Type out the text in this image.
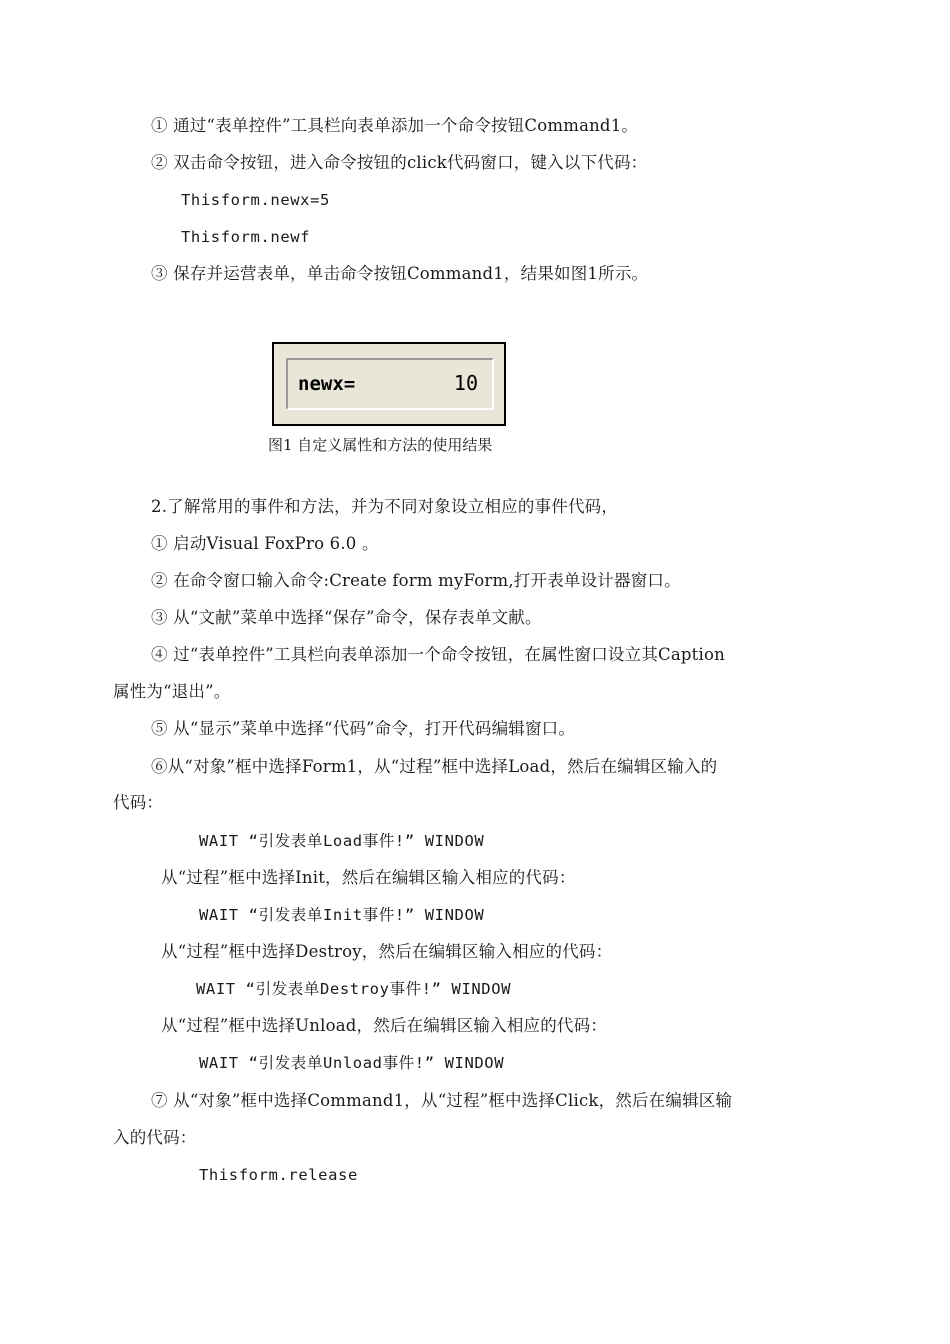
① 通过“表单控件”工具栏向表单添加一个命令按钮Command1。
② 双击命令按钮，进入命令按钮的click代码窗口，键入以下代码：
Thisform.newx=5
Thisform.newf
③ 保存并运营表单，单击命令按钮Command1，结果如图1所示。
newx=	10
图1 自定义属性和方法的使用结果
2.了解常用的事件和方法，并为不同对象设立相应的事件代码，
① 启动Visual FoxPro 6.0 。
② 在命令窗口输入命令:Create form myForm,打开表单设计器窗口。
③ 从“文献”菜单中选择“保存”命令，保存表单文献。
④ 过“表单控件”工具栏向表单添加一个命令按钮，在属性窗口设立其Caption
属性为“退出”。
⑤ 从“显示”菜单中选择“代码”命令，打开代码编辑窗口。
⑥从“对象”框中选择Form1，从“过程”框中选择Load，然后在编辑区输入的
代码：
WAIT “引发表单Load事件!” WINDOW
从“过程”框中选择Init，然后在编辑区输入相应的代码：
WAIT “引发表单Init事件!” WINDOW
从“过程”框中选择Destroy，然后在编辑区输入相应的代码：
WAIT “引发表单Destroy事件!” WINDOW
从“过程”框中选择Unload，然后在编辑区输入相应的代码：
WAIT “引发表单Unload事件!” WINDOW
⑦ 从“对象”框中选择Command1，从“过程”框中选择Click，然后在编辑区输
入的代码：
Thisform.release
